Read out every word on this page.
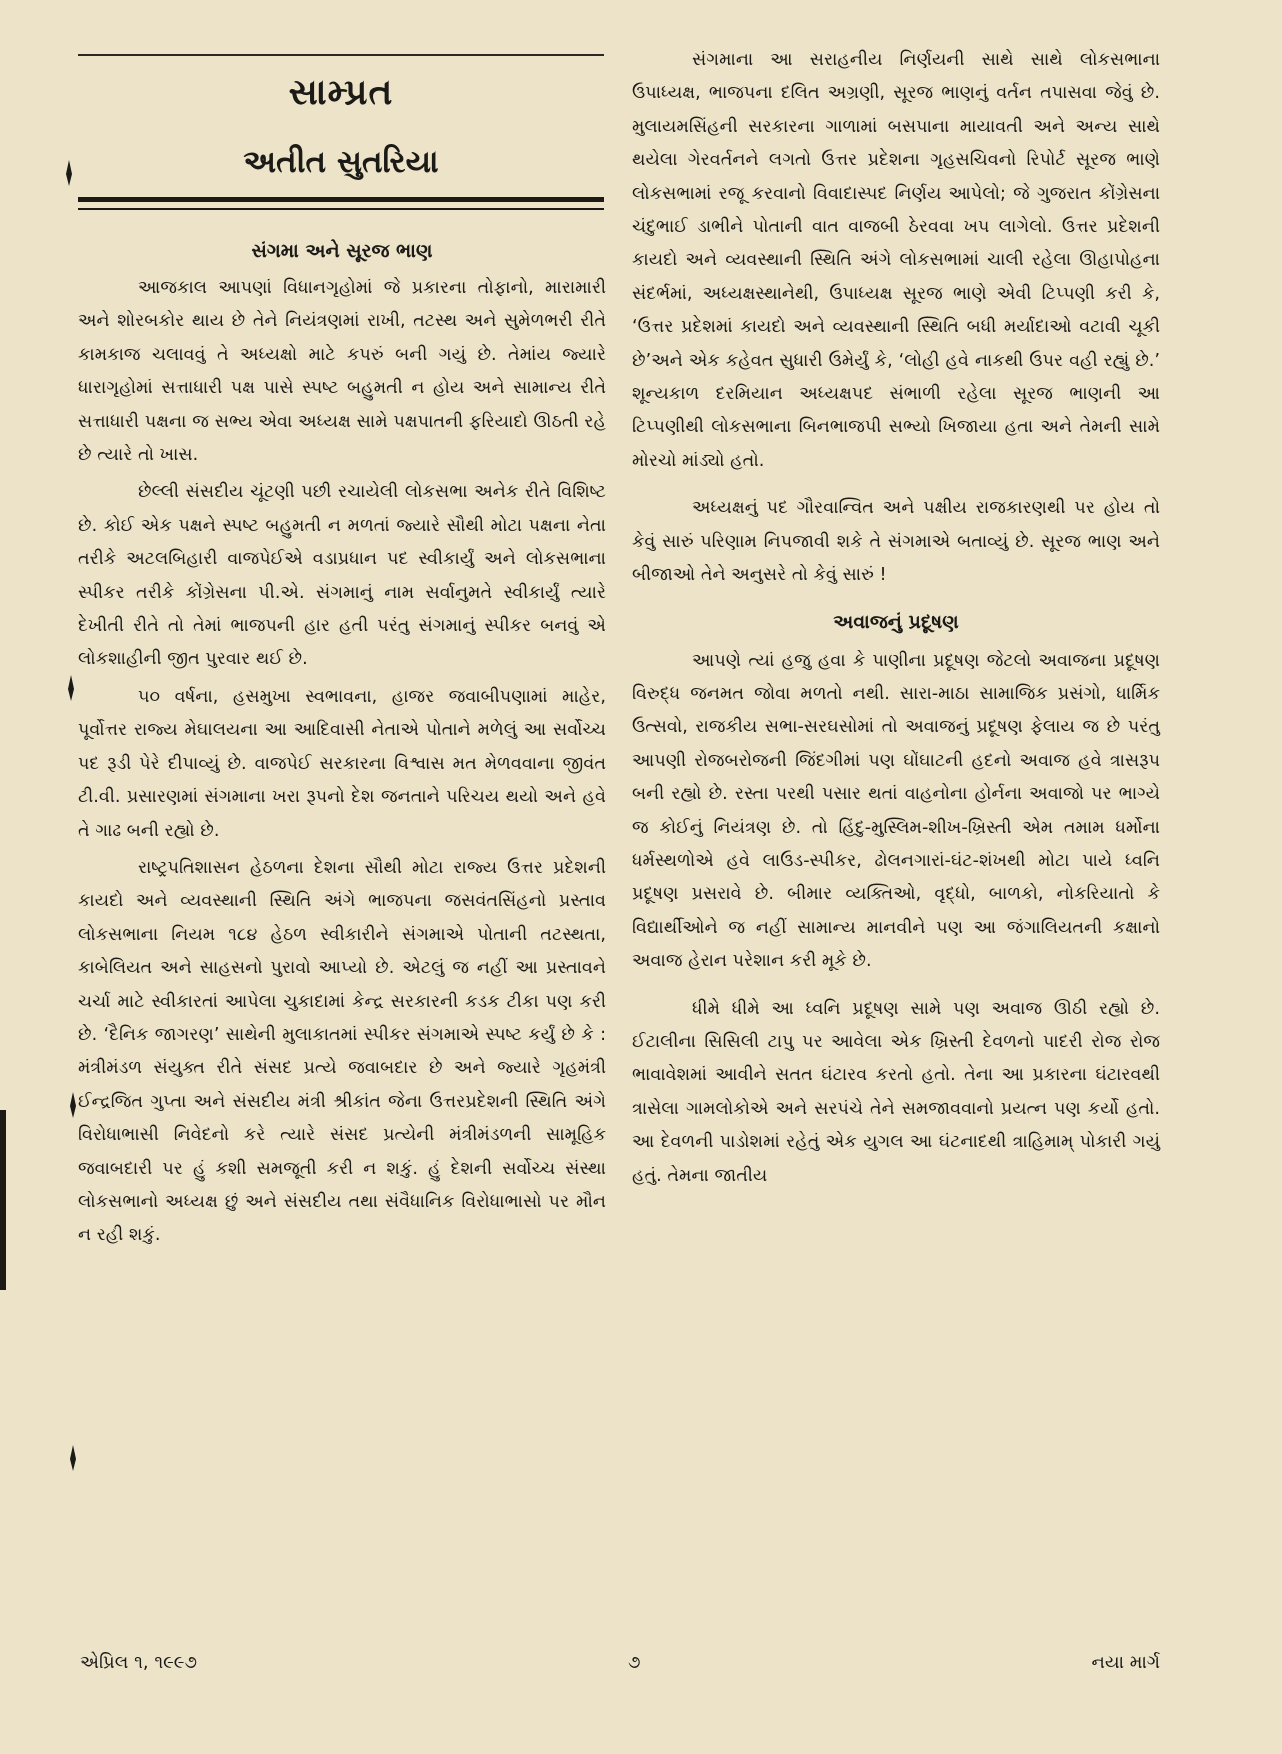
સામ્પ્રત
અતીત સુતરિયા
સંગમા અને સૂરજ ભાણ

આજકાલ આપણાં વિધાનગૃહોમાં જે પ્રકારના તોફાનો, મારામારી અને શોરબકોર થાય છે તેને નિયંત્રણમાં રાખી, તટસ્થ અને સુમેળભરી રીતે કામકાજ ચલાવવું તે અધ્યક્ષો માટે કપરું બની ગયું છે. તેમાંય જ્યારે ધારાગૃહોમાં સત્તાધારી પક્ષ પાસે સ્પષ્ટ બહુમતી ન હોય અને સામાન્ય રીતે સત્તાધારી પક્ષના જ સભ્ય એવા અધ્યક્ષ સામે પક્ષપાતની ફરિયાદો ઊઠતી રહે છે ત્યારે તો ખાસ.

છેલ્લી સંસદીય ચૂંટણી પછી રચાયેલી લોકસભા અનેક રીતે વિશિષ્ટ છે. કોઈ એક પક્ષને સ્પષ્ટ બહુમતી ન મળતાં જ્યારે સૌથી મોટા પક્ષના નેતા તરીકે અટલબિહારી વાજપેઈએ વડાપ્રધાન પદ સ્વીકાર્યું અને લોકસભાના સ્પીકર તરીકે કોંગ્રેસના પી.એ. સંગમાનું નામ સર્વાનુમતે સ્વીકાર્યું ત્યારે દેખીતી રીતે તો તેમાં ભાજપની હાર હતી પરંતુ સંગમાનું સ્પીકર બનવું એ લોકશાહીની જીત પુરવાર થઈ છે.

૫૦ વર્ષના, હસમુખા સ્વભાવના, હાજર જવાબીપણામાં માહેર, પૂર્વોત્તર રાજ્ય મેઘાલયના આ આદિવાસી નેતાએ પોતાને મળેલું આ સર્વોચ્ચ પદ રૂડી પેરે દીપાવ્યું છે. વાજપેઈ સરકારના વિશ્વાસ મત મેળવવાના જીવંત ટી.વી. પ્રસારણમાં સંગમાના ખરા રૂપનો દેશ જનતાને પરિચય થયો અને હવે તે ગાઢ બની રહ્યો છે.

રાષ્ટ્રપતિશાસન હેઠળના દેશના સૌથી મોટા રાજ્ય ઉત્તર પ્રદેશની કાયદો અને વ્યવસ્થાની સ્થિતિ અંગે ભાજપના જસવંતસિંહનો પ્રસ્તાવ લોકસભાના નિયમ ૧૮૪ હેઠળ સ્વીકારીને સંગમાએ પોતાની તટસ્થતા, કાબેલિયત અને સાહસનો પુરાવો આપ્યો છે. એટલું જ નહીં આ પ્રસ્તાવને ચર્ચા માટે સ્વીકારતાં આપેલા ચુકાદામાં કેન્દ્ર સરકારની કડક ટીકા પણ કરી છે. ‘દૈનિક જાગરણ’ સાથેની મુલાકાતમાં સ્પીકર સંગમાએ સ્પષ્ટ કર્યું છે કે : મંત્રીમંડળ સંયુક્ત રીતે સંસદ પ્રત્યે જવાબદાર છે અને જ્યારે ગૃહમંત્રી ઈન્દ્રજિત ગુપ્તા અને સંસદીય મંત્રી શ્રીકાંત જેના ઉત્તરપ્રદેશની સ્થિતિ અંગે વિરોધાભાસી નિવેદનો કરે ત્યારે સંસદ પ્રત્યેની મંત્રીમંડળની સામૂહિક જવાબદારી પર હું કશી સમજૂતી કરી ન શકું. હું દેશની સર્વોચ્ચ સંસ્થા લોકસભાનો અધ્યક્ષ છું અને સંસદીય તથા સંવૈધાનિક વિરોધાભાસો પર મૌન ન રહી શકું.

સંગમાના આ સરાહનીય નિર્ણયની સાથે સાથે લોકસભાના ઉપાધ્યક્ષ, ભાજપના દલિત અગ્રણી, સૂરજ ભાણનું વર્તન તપાસવા જેવું છે. મુલાયમસિંહની સરકારના ગાળામાં બસપાના માયાવતી અને અન્ય સાથે થયેલા ગેરવર્તનને લગતો ઉત્તર પ્રદેશના ગૃહસચિવનો રિપોર્ટ સૂરજ ભાણે લોકસભામાં રજૂ કરવાનો વિવાદાસ્પદ નિર્ણય આપેલો; જે ગુજરાત કોંગ્રેસના ચંદુભાઈ ડાભીને પોતાની વાત વાજબી ઠેરવવા ખપ લાગેલો. ઉત્તર પ્રદેશની કાયદો અને વ્યવસ્થાની સ્થિતિ અંગે લોકસભામાં ચાલી રહેલા ઊહાપોહના સંદર્ભમાં, અધ્યક્ષસ્થાનેથી, ઉપાધ્યક્ષ સૂરજ ભાણે એવી ટિપ્પણી કરી કે, ‘ઉત્તર પ્રદેશમાં કાયદો અને વ્યવસ્થાની સ્થિતિ બધી મર્યાદાઓ વટાવી ચૂકી છે’અને એક કહેવત સુધારી ઉમેર્યું કે, ‘લોહી હવે નાકથી ઉપર વહી રહ્યું છે.’ શૂન્યકાળ દરમિયાન અધ્યક્ષપદ સંભાળી રહેલા સૂરજ ભાણની આ ટિપ્પણીથી લોકસભાના બિનભાજપી સભ્યો ખિજાયા હતા અને તેમની સામે મોરચો માંડ્યો હતો.

અધ્યક્ષનું પદ ગૌરવાન્વિત અને પક્ષીય રાજકારણથી પર હોય તો કેવું સારું પરિણામ નિપજાવી શકે તે સંગમાએ બતાવ્યું છે. સૂરજ ભાણ અને બીજાઓ તેને અનુસરે તો કેવું સારું !

અવાજનું પ્રદૂષણ

આપણે ત્યાં હજુ હવા કે પાણીના પ્રદૂષણ જેટલો અવાજના પ્રદૂષણ વિરુદ્ધ જનમત જોવા મળતો નથી. સારા-માઠા સામાજિક પ્રસંગો, ધાર્મિક ઉત્સવો, રાજકીય સભા-સરઘસોમાં તો અવાજનું પ્રદૂષણ ફેલાય જ છે પરંતુ આપણી રોજબરોજની જિંદગીમાં પણ ઘોંઘાટની હદનો અવાજ હવે ત્રાસરૂપ બની રહ્યો છે. રસ્તા પરથી પસાર થતાં વાહનોના હોર્નના અવાજો પર ભાગ્યે જ કોઈનું નિયંત્રણ છે. તો હિંદુ-મુસ્લિમ-શીખ-ખ્રિસ્તી એમ તમામ ધર્મોના ધર્મસ્થળોએ હવે લાઉડ-સ્પીકર, ઢોલનગારાં-ઘંટ-શંખથી મોટા પાયે ધ્વનિ પ્રદૂષણ પ્રસરાવે છે. બીમાર વ્યક્તિઓ, વૃદ્ધો, બાળકો, નોકરિયાતો કે વિદ્યાર્થીઓને જ નહીં સામાન્ય માનવીને પણ આ જંગાલિયતની કક્ષાનો અવાજ હેરાન પરેશાન કરી મૂકે છે.

ધીમે ધીમે આ ધ્વનિ પ્રદૂષણ સામે પણ અવાજ ઊઠી રહ્યો છે. ઈટાલીના સિસિલી ટાપુ પર આવેલા એક ખ્રિસ્તી દેવળનો પાદરી રોજ રોજ ભાવાવેશમાં આવીને સતત ઘંટારવ કરતો હતો. તેના આ પ્રકારના ઘંટારવથી ત્રાસેલા ગામલોકોએ અને સરપંચે તેને સમજાવવાનો પ્રયત્ન પણ કર્યો હતો. આ દેવળની પાડોશમાં રહેતું એક યુગલ આ ઘંટનાદથી ત્રાહિમામ્ પોકારી ગયું હતું. તેમના જાતીય

એપ્રિલ ૧, ૧૯૯૭	૭	નયા માર્ગ
